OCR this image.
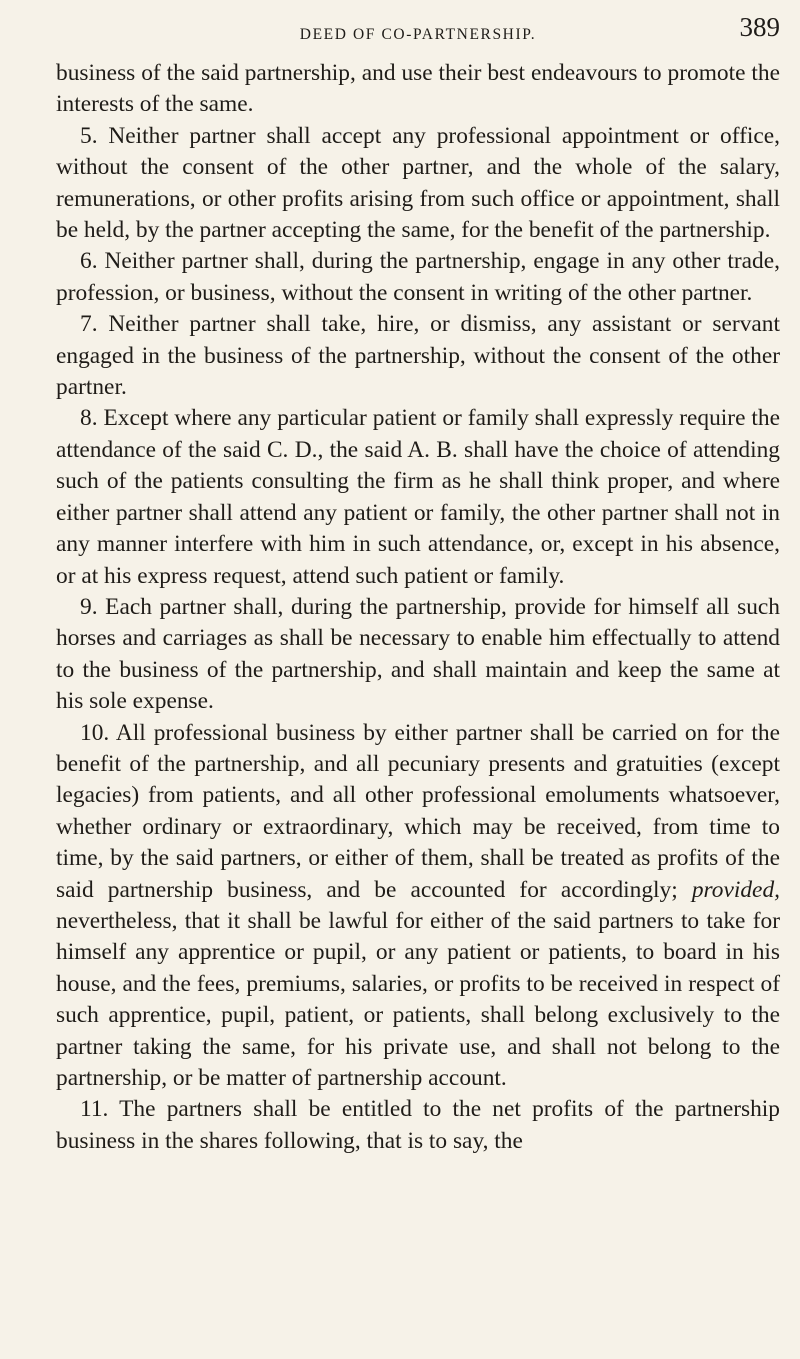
DEED OF CO-PARTNERSHIP.	389

business of the said partnership, and use their best endeavours to promote the interests of the same.

5. Neither partner shall accept any professional appointment or office, without the consent of the other partner, and the whole of the salary, remunerations, or other profits arising from such office or appointment, shall be held, by the partner accepting the same, for the benefit of the partnership.

6. Neither partner shall, during the partnership, engage in any other trade, profession, or business, without the consent in writing of the other partner.

7. Neither partner shall take, hire, or dismiss, any assistant or servant engaged in the business of the partnership, without the consent of the other partner.

8. Except where any particular patient or family shall expressly require the attendance of the said C. D., the said A. B. shall have the choice of attending such of the patients consulting the firm as he shall think proper, and where either partner shall attend any patient or family, the other partner shall not in any manner interfere with him in such attendance, or, except in his absence, or at his express request, attend such patient or family.

9. Each partner shall, during the partnership, provide for himself all such horses and carriages as shall be necessary to enable him effectually to attend to the business of the partnership, and shall maintain and keep the same at his sole expense.

10. All professional business by either partner shall be carried on for the benefit of the partnership, and all pecuniary presents and gratuities (except legacies) from patients, and all other professional emoluments whatsoever, whether ordinary or extraordinary, which may be received, from time to time, by the said partners, or either of them, shall be treated as profits of the said partnership business, and be accounted for accordingly; provided, nevertheless, that it shall be lawful for either of the said partners to take for himself any apprentice or pupil, or any patient or patients, to board in his house, and the fees, premiums, salaries, or profits to be received in respect of such apprentice, pupil, patient, or patients, shall belong exclusively to the partner taking the same, for his private use, and shall not belong to the partnership, or be matter of partnership account.

11. The partners shall be entitled to the net profits of the partnership business in the shares following, that is to say, the
